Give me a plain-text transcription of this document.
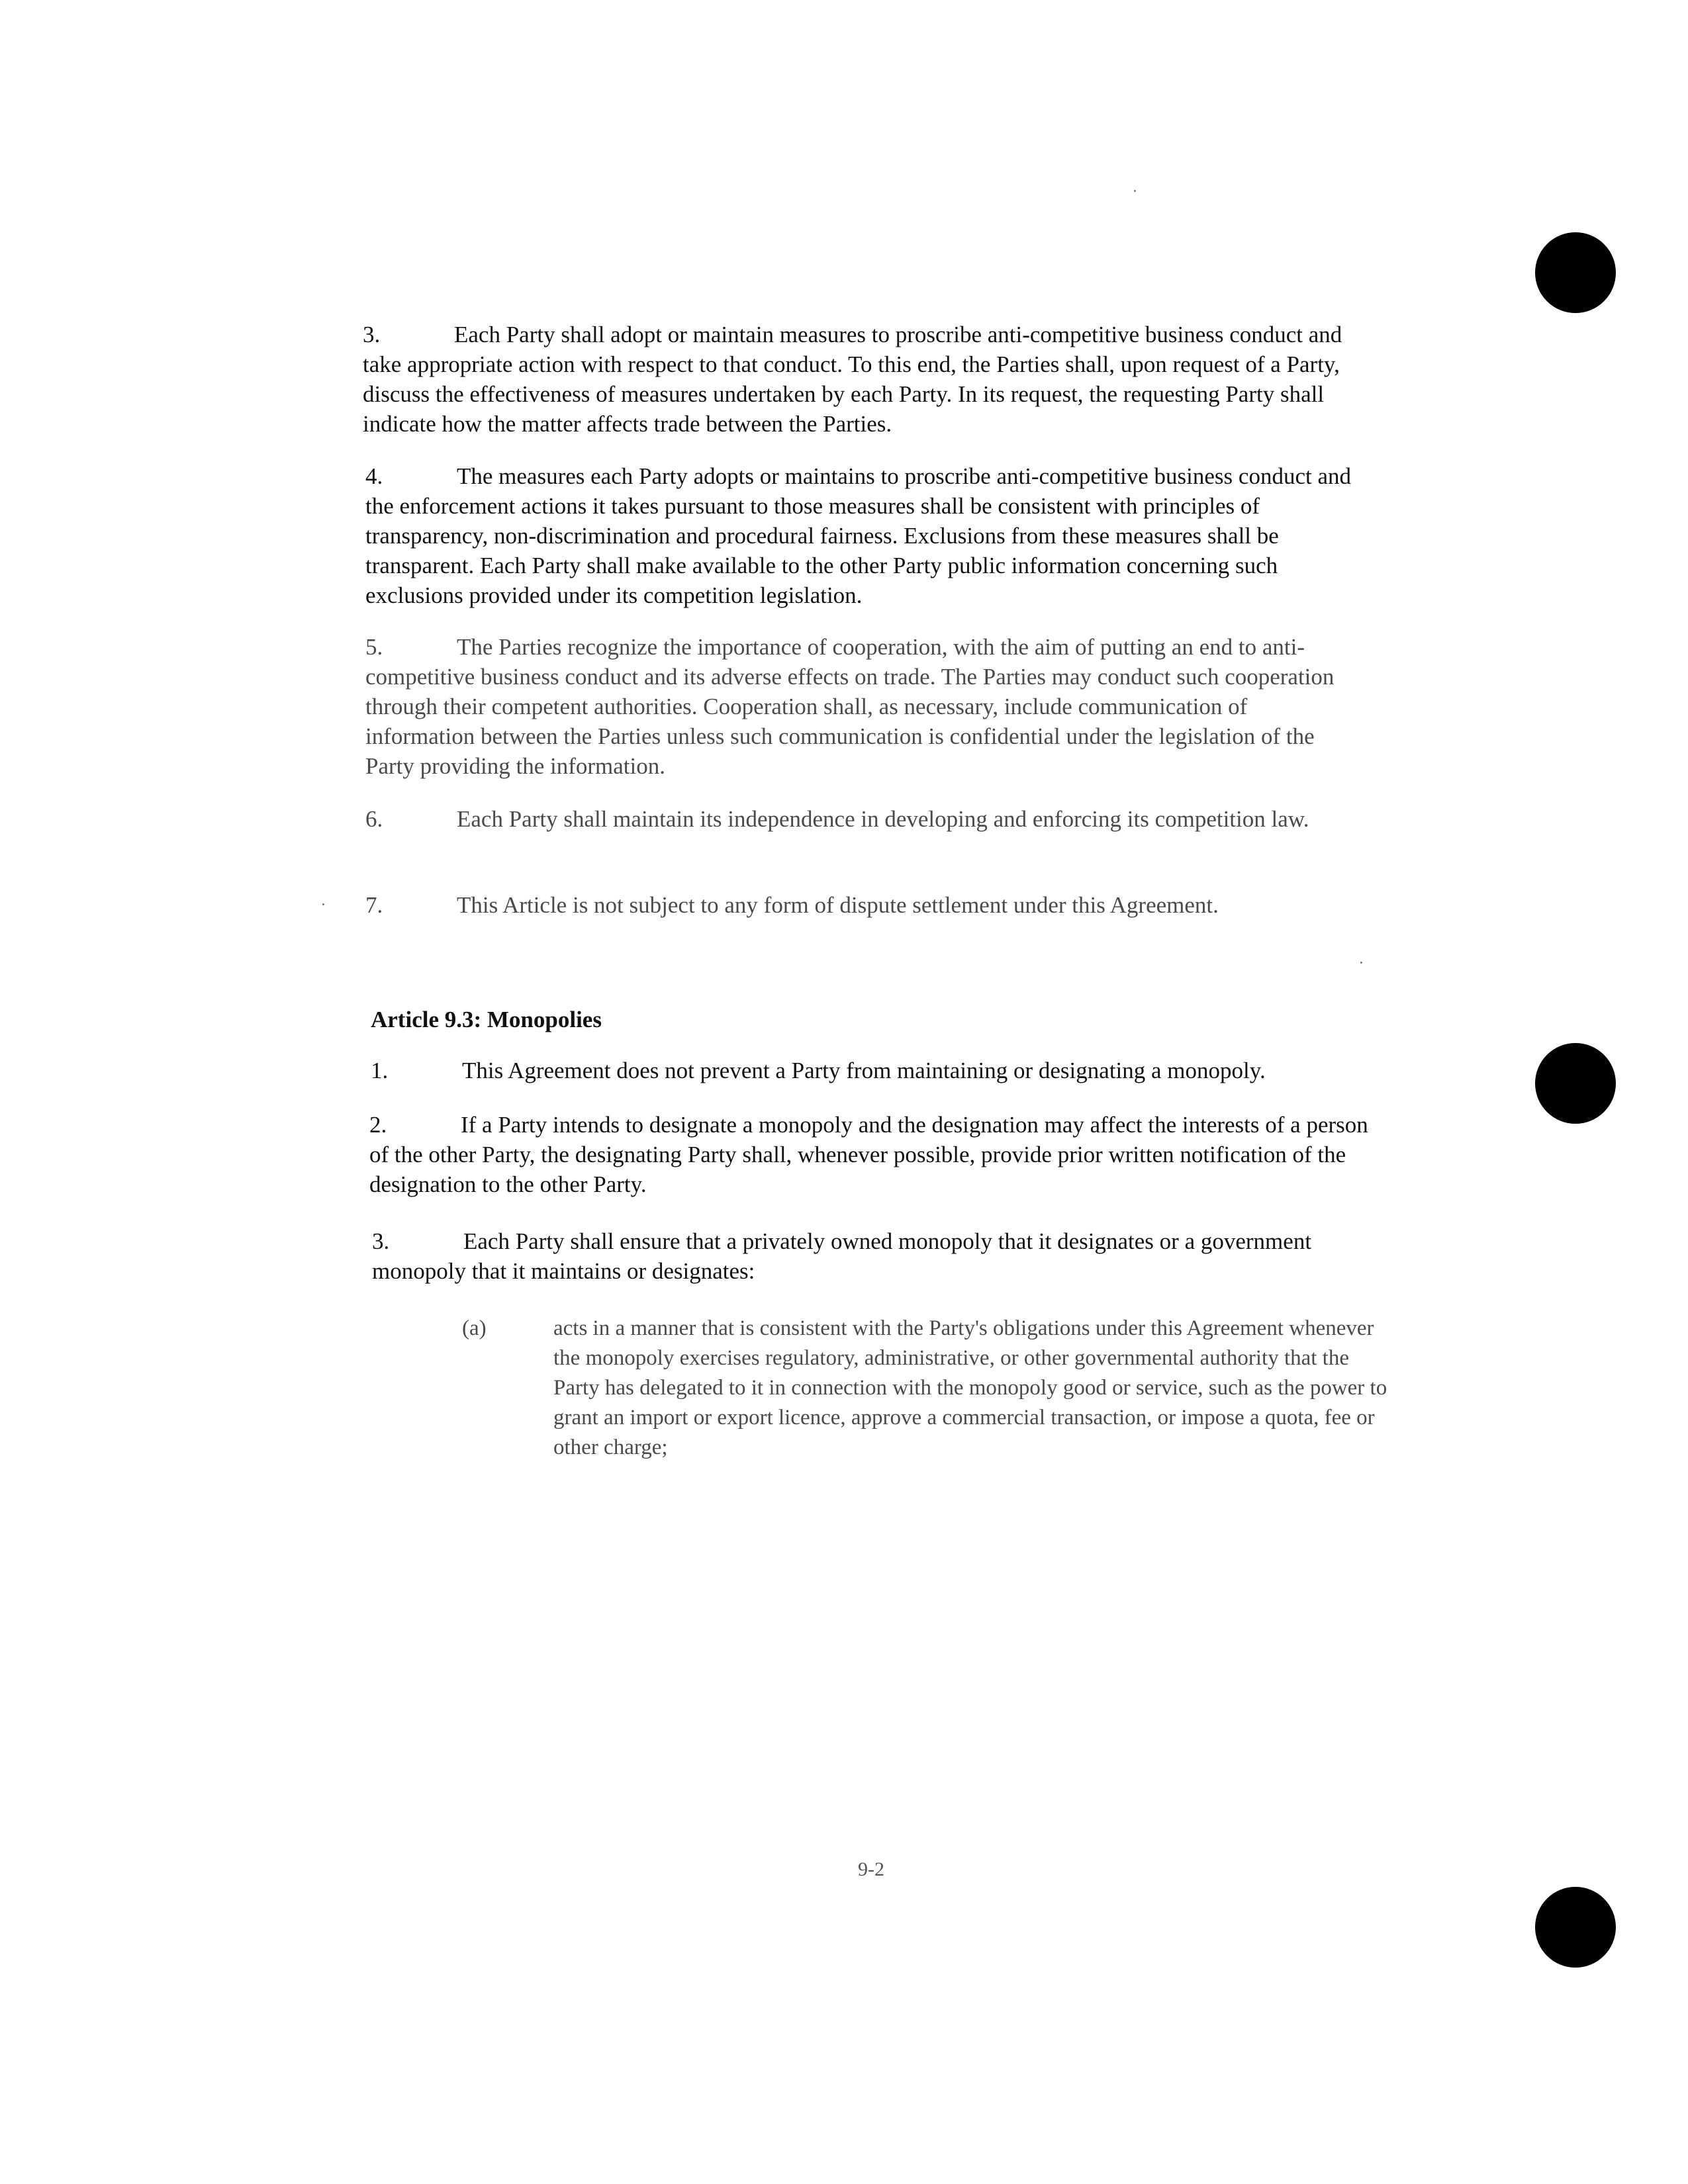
3.	Each Party shall adopt or maintain measures to proscribe anti-competitive business conduct and take appropriate action with respect to that conduct. To this end, the Parties shall, upon request of a Party, discuss the effectiveness of measures undertaken by each Party. In its request, the requesting Party shall indicate how the matter affects trade between the Parties.
4.	The measures each Party adopts or maintains to proscribe anti-competitive business conduct and the enforcement actions it takes pursuant to those measures shall be consistent with principles of transparency, non-discrimination and procedural fairness. Exclusions from these measures shall be transparent. Each Party shall make available to the other Party public information concerning such exclusions provided under its competition legislation.
5.	The Parties recognize the importance of cooperation, with the aim of putting an end to anti-competitive business conduct and its adverse effects on trade. The Parties may conduct such cooperation through their competent authorities. Cooperation shall, as necessary, include communication of information between the Parties unless such communication is confidential under the legislation of the Party providing the information.
6.	Each Party shall maintain its independence in developing and enforcing its competition law.
7.	This Article is not subject to any form of dispute settlement under this Agreement.
Article 9.3: Monopolies
1.	This Agreement does not prevent a Party from maintaining or designating a monopoly.
2.	If a Party intends to designate a monopoly and the designation may affect the interests of a person of the other Party, the designating Party shall, whenever possible, provide prior written notification of the designation to the other Party.
3.	Each Party shall ensure that a privately owned monopoly that it designates or a government monopoly that it maintains or designates:
(a)	acts in a manner that is consistent with the Party's obligations under this Agreement whenever the monopoly exercises regulatory, administrative, or other governmental authority that the Party has delegated to it in connection with the monopoly good or service, such as the power to grant an import or export licence, approve a commercial transaction, or impose a quota, fee or other charge;
9-2
